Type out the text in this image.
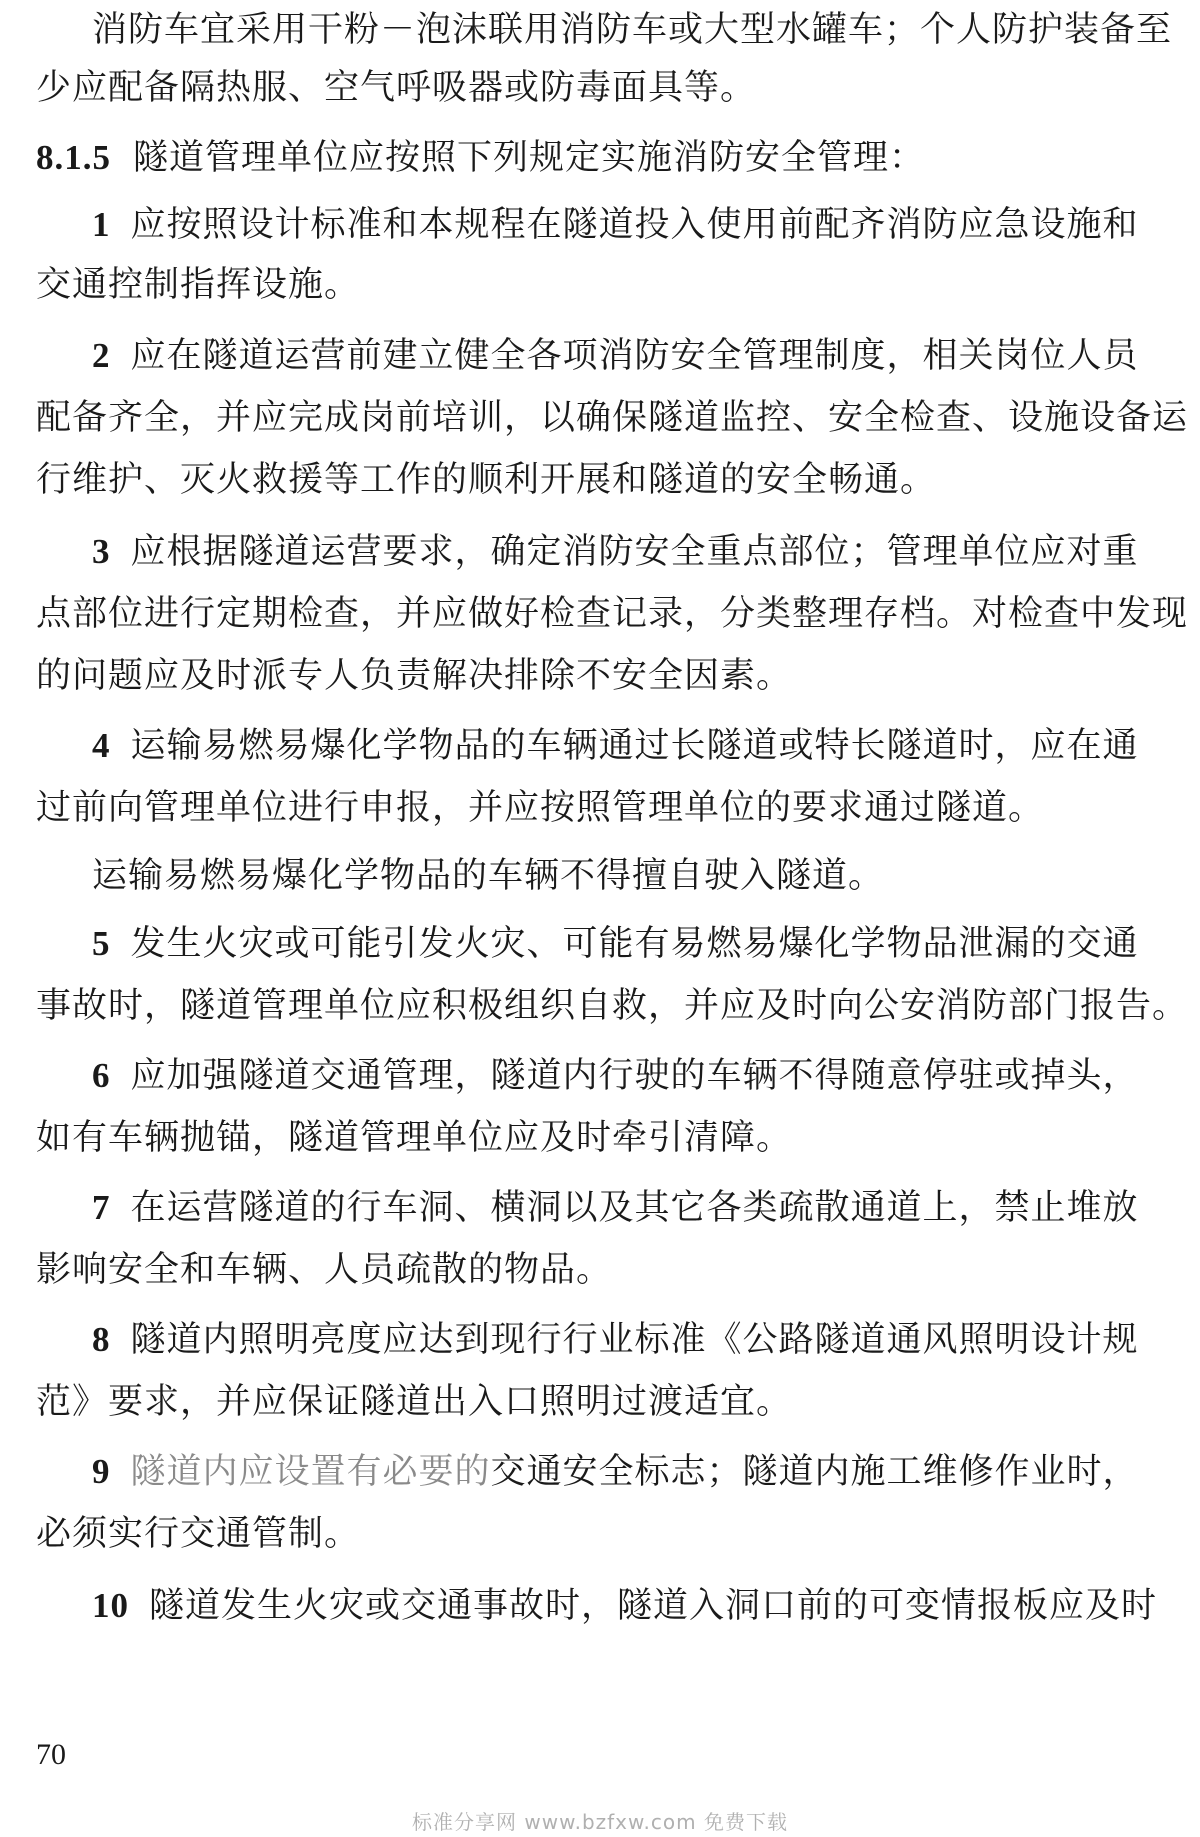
消防车宜采用干粉－泡沫联用消防车或大型水罐车；个人防护装备至
少应配备隔热服、空气呼吸器或防毒面具等。
8.1.5 隧道管理单位应按照下列规定实施消防安全管理：
1 应按照设计标准和本规程在隧道投入使用前配齐消防应急设施和
交通控制指挥设施。
2 应在隧道运营前建立健全各项消防安全管理制度，相关岗位人员
配备齐全，并应完成岗前培训，以确保隧道监控、安全检查、设施设备运
行维护、灭火救援等工作的顺利开展和隧道的安全畅通。
3 应根据隧道运营要求，确定消防安全重点部位；管理单位应对重
点部位进行定期检查，并应做好检查记录，分类整理存档。对检查中发现
的问题应及时派专人负责解决排除不安全因素。
4 运输易燃易爆化学物品的车辆通过长隧道或特长隧道时，应在通
过前向管理单位进行申报，并应按照管理单位的要求通过隧道。
运输易燃易爆化学物品的车辆不得擅自驶入隧道。
5 发生火灾或可能引发火灾、可能有易燃易爆化学物品泄漏的交通
事故时，隧道管理单位应积极组织自救，并应及时向公安消防部门报告。
6 应加强隧道交通管理，隧道内行驶的车辆不得随意停驻或掉头，
如有车辆抛锚，隧道管理单位应及时牵引清障。
7 在运营隧道的行车洞、横洞以及其它各类疏散通道上，禁止堆放
影响安全和车辆、人员疏散的物品。
8 隧道内照明亮度应达到现行行业标准《公路隧道通风照明设计规
范》要求，并应保证隧道出入口照明过渡适宜。
9 隧道内应设置有必要的交通安全标志；隧道内施工维修作业时，
必须实行交通管制。
10 隧道发生火灾或交通事故时，隧道入洞口前的可变情报板应及时
70
标准分享网 www.bzfxw.com 免费下载
